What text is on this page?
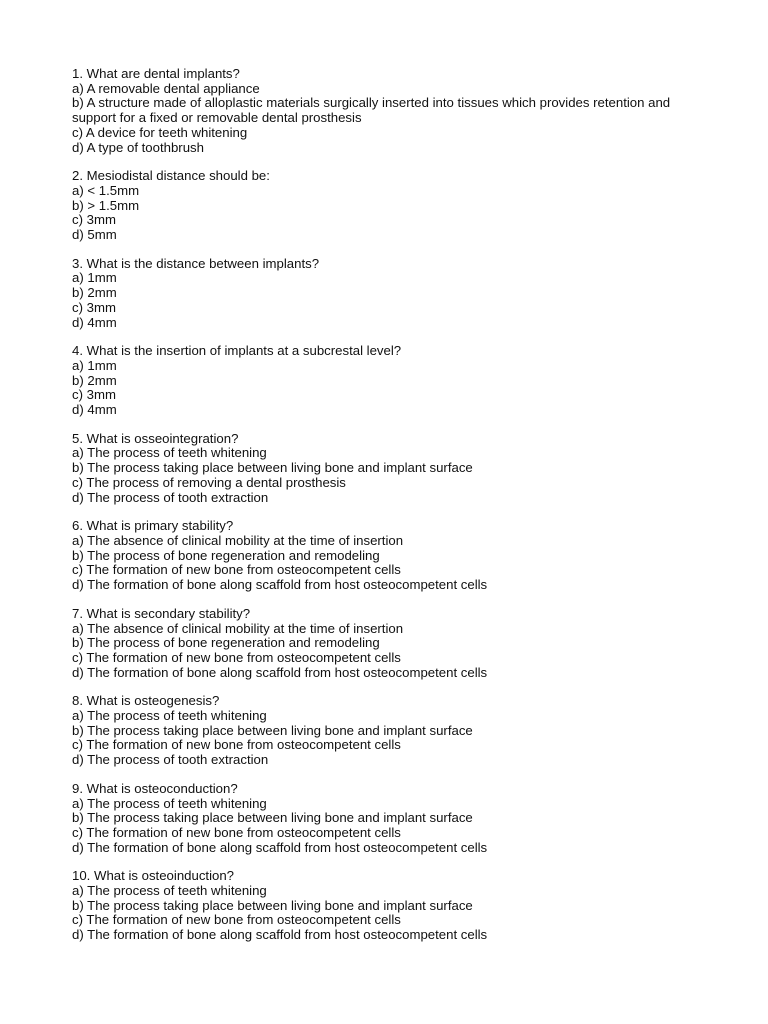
1. What are dental implants?
a) A removable dental appliance
b) A structure made of alloplastic materials surgically inserted into tissues which provides retention and support for a fixed or removable dental prosthesis
c) A device for teeth whitening
d) A type of toothbrush
2. Mesiodistal distance should be:
a) < 1.5mm
b) > 1.5mm
c) 3mm
d) 5mm
3. What is the distance between implants?
a) 1mm
b) 2mm
c) 3mm
d) 4mm
4. What is the insertion of implants at a subcrestal level?
a) 1mm
b) 2mm
c) 3mm
d) 4mm
5. What is osseointegration?
a) The process of teeth whitening
b) The process taking place between living bone and implant surface
c) The process of removing a dental prosthesis
d) The process of tooth extraction
6. What is primary stability?
a) The absence of clinical mobility at the time of insertion
b) The process of bone regeneration and remodeling
c) The formation of new bone from osteocompetent cells
d) The formation of bone along scaffold from host osteocompetent cells
7. What is secondary stability?
a) The absence of clinical mobility at the time of insertion
b) The process of bone regeneration and remodeling
c) The formation of new bone from osteocompetent cells
d) The formation of bone along scaffold from host osteocompetent cells
8. What is osteogenesis?
a) The process of teeth whitening
b) The process taking place between living bone and implant surface
c) The formation of new bone from osteocompetent cells
d) The process of tooth extraction
9. What is osteoconduction?
a) The process of teeth whitening
b) The process taking place between living bone and implant surface
c) The formation of new bone from osteocompetent cells
d) The formation of bone along scaffold from host osteocompetent cells
10. What is osteoinduction?
a) The process of teeth whitening
b) The process taking place between living bone and implant surface
c) The formation of new bone from osteocompetent cells
d) The formation of bone along scaffold from host osteocompetent cells
